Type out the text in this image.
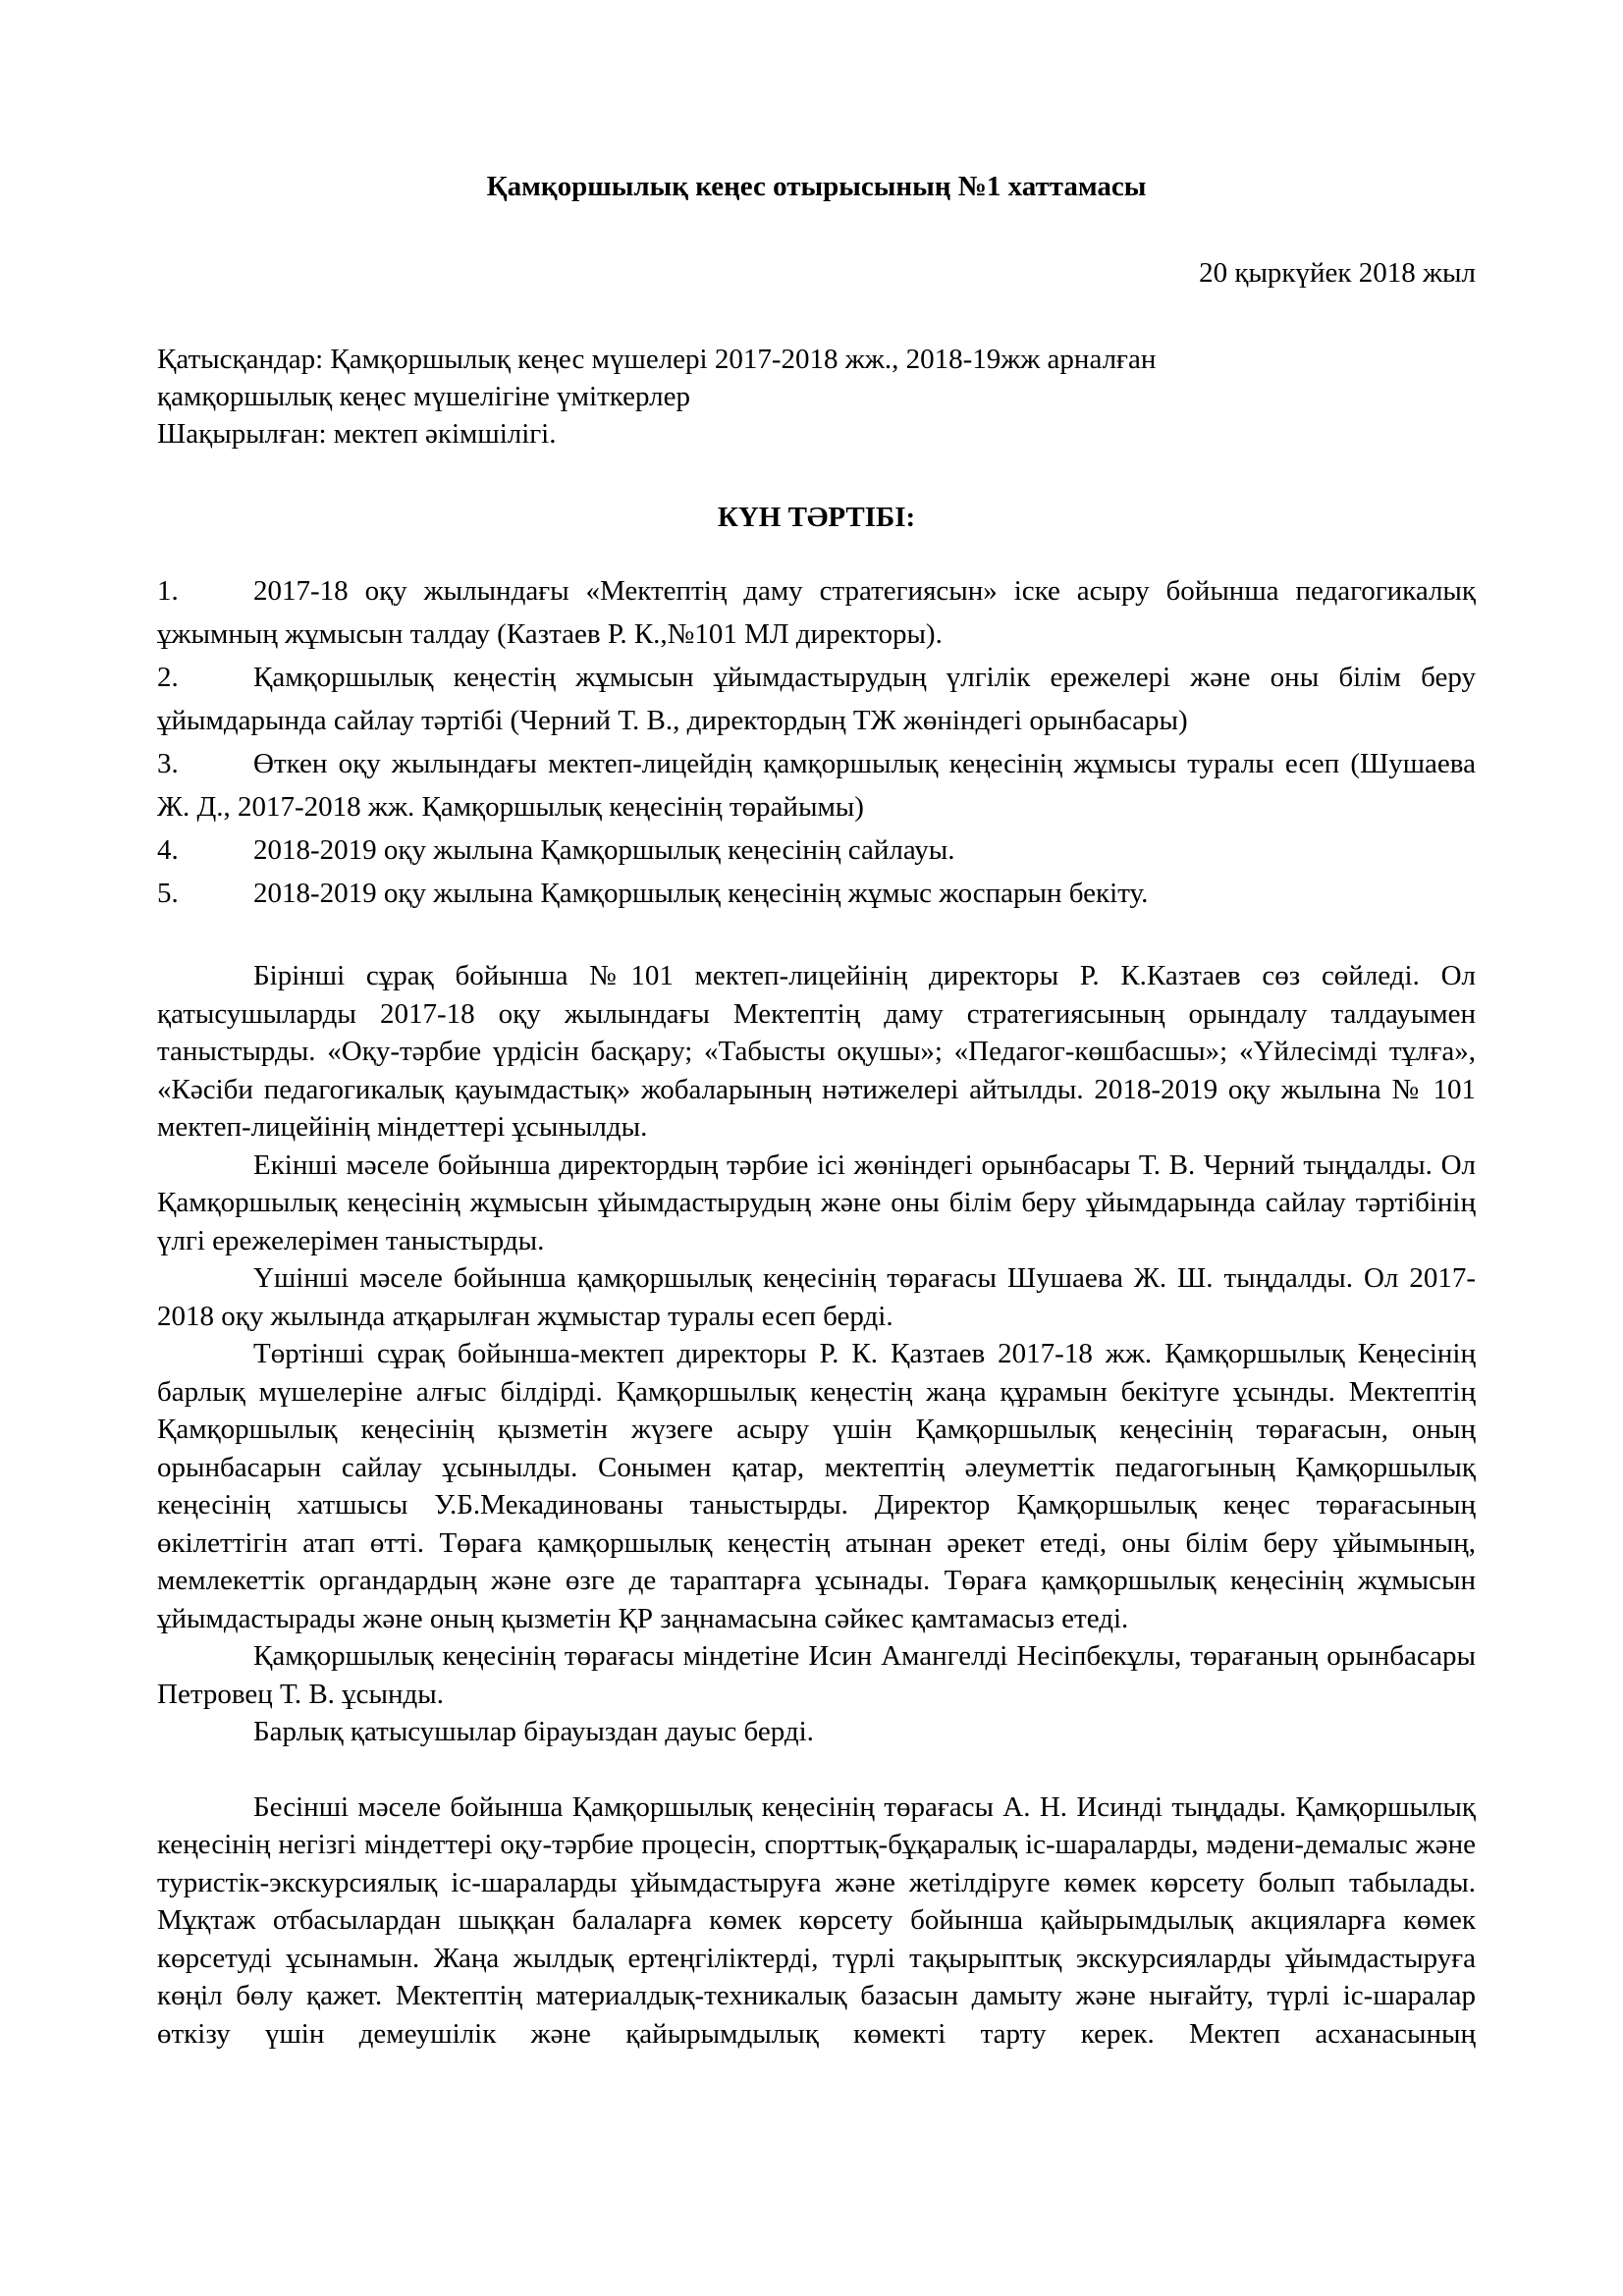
Қамқоршылық кеңес отырысының №1 хаттамасы
20 қыркүйек 2018 жыл
Қатысқандар: Қамқоршылық кеңес мүшелері 2017-2018 жж., 2018-19жж арналған
қамқоршылық кеңес мүшелігіне үміткерлер
Шақырылған: мектеп әкімшілігі.
КҮН ТӘРТІБІ:
1.	2017-18 оқу жылындағы «Мектептің даму стратегиясын» іске асыру бойынша педагогикалық ұжымның жұмысын талдау (Казтаев Р. К.,№101 МЛ директоры).
2.	Қамқоршылық кеңестің жұмысын ұйымдастырудың үлгілік ережелері және оны білім беру ұйымдарында сайлау тәртібі (Черний Т. В., директордың ТЖ жөніндегі орынбасары)
3.	Өткен оқу жылындағы мектеп-лицейдің қамқоршылық кеңесінің жұмысы туралы есеп (Шушаева Ж. Д., 2017-2018 жж. Қамқоршылық кеңесінің төрайымы)
4.	2018-2019 оқу жылына Қамқоршылық кеңесінің сайлауы.
5.	2018-2019 оқу жылына Қамқоршылық кеңесінің жұмыс жоспарын бекіту.

Бірінші сұрақ бойынша №101 мектеп-лицейінің директоры Р. К.Казтаев сөз сөйледі. Ол қатысушыларды 2017-18 оқу жылындағы Мектептің даму стратегиясының орындалу талдауымен таныстырды. «Оқу-тәрбие үрдісін басқару; «Табысты оқушы»; «Педагог-көшбасшы»; «Үйлесімді тұлға», «Кәсіби педагогикалық қауымдастық» жобаларының нәтижелері айтылды. 2018-2019 оқу жылына № 101 мектеп-лицейінің міндеттері ұсынылды.

Екінші мәселе бойынша директордың тәрбие ісі жөніндегі орынбасары Т. В. Черний тыңдалды. Ол Қамқоршылық кеңесінің жұмысын ұйымдастырудың және оны білім беру ұйымдарында сайлау тәртібінің үлгі ережелерімен таныстырды.

Үшінші мәселе бойынша қамқоршылық кеңесінің төрағасы Шушаева Ж. Ш. тыңдалды. Ол 2017-2018 оқу жылында атқарылған жұмыстар туралы есеп берді.

Төртінші сұрақ бойынша-мектеп директоры Р. К. Қазтаев 2017-18 жж. Қамқоршылық Кеңесінің барлық мүшелеріне алғыс білдірді. Қамқоршылық кеңестің жаңа құрамын бекітуге ұсынды. Мектептің Қамқоршылық кеңесінің қызметін жүзеге асыру үшін Қамқоршылық кеңесінің төрағасын, оның орынбасарын сайлау ұсынылды. Сонымен қатар, мектептің әлеуметтік педагогының Қамқоршылық кеңесінің хатшысы У.Б.Мекадинованы таныстырды. Директор Қамқоршылық кеңес төрағасының өкілеттігін атап өтті. Төраға қамқоршылық кеңестің атынан әрекет етеді, оны білім беру ұйымының, мемлекеттік органдардың және өзге де тараптарға ұсынады. Төраға қамқоршылық кеңесінің жұмысын ұйымдастырады және оның қызметін ҚР заңнамасына сәйкес қамтамасыз етеді.

Қамқоршылық кеңесінің төрағасы міндетіне Исин Амангелді Несіпбекұлы, төрағаның орынбасары Петровец Т. В. ұсынды.

Барлық қатысушылар бірауыздан дауыс берді.

Бесінші мәселе бойынша Қамқоршылық кеңесінің төрағасы А. Н. Исинді тыңдады. Қамқоршылық кеңесінің негізгі міндеттері оқу-тәрбие процесін, спорттық-бұқаралық іс-шараларды, мәдени-демалыс және туристік-экскурсиялық іс-шараларды ұйымдастыруға және жетілдіруге көмек көрсету болып табылады. Мұқтаж отбасылардан шыққан балаларға көмек көрсету бойынша қайырымдылық акцияларға көмек көрсетуді ұсынамын. Жаңа жылдық ертеңгіліктерді, түрлі тақырыптық экскурсияларды ұйымдастыруға көңіл бөлу қажет. Мектептің материалдық-техникалық базасын дамыту және нығайту, түрлі іс-шаралар өткізу үшін демеушілік және қайырымдылық көмекті тарту керек. Мектеп асханасының
